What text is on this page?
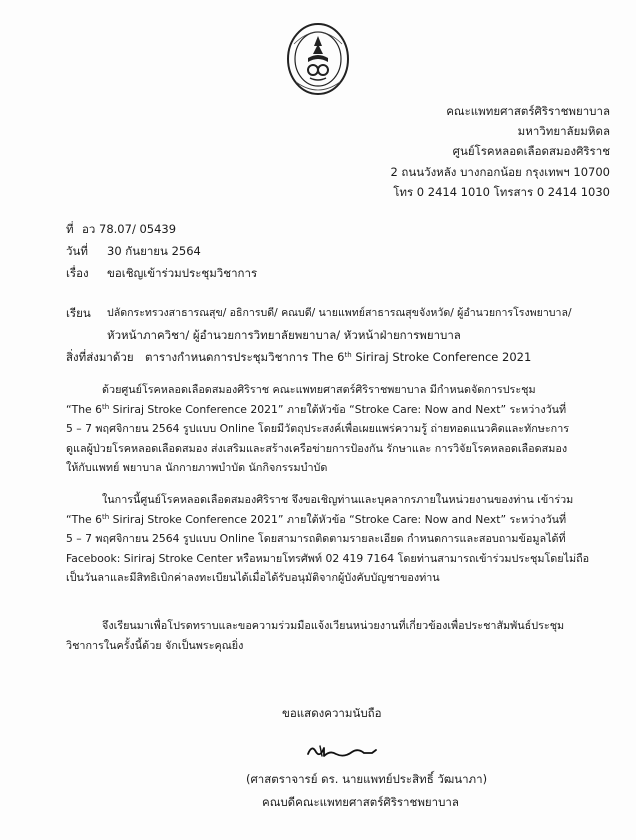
คณะแพทยศาสตร์ศิริราชพยาบาล
มหาวิทยาลัยมหิดล
ศูนย์โรคหลอดเลือดสมองศิริราช
2 ถนนวังหลัง บางกอกน้อย กรุงเทพฯ 10700
โทร 0 2414 1010 โทรสาร 0 2414 1030
ที่ อว 78.07/ 05439
วันที่ 30 กันยายน 2564
เรื่อง ขอเชิญเข้าร่วมประชุมวิชาการ
เรียน ปลัดกระทรวงสาธารณสุข/ อธิการบดี/ คณบดี/ นายแพทย์สาธารณสุขจังหวัด/ ผู้อำนวยการโรงพยาบาล/
หัวหน้าภาควิชา/ ผู้อำนวยการวิทยาลัยพยาบาล/ หัวหน้าฝ่ายการพยาบาล
สิ่งที่ส่งมาด้วย ตารางกำหนดการประชุมวิชาการ The 6th Siriraj Stroke Conference 2021
ด้วยศูนย์โรคหลอดเลือดสมองศิริราช คณะแพทยศาสตร์ศิริราชพยาบาล มีกำหนดจัดการประชุม
“The 6th Siriraj Stroke Conference 2021” ภายใต้หัวข้อ “Stroke Care: Now and Next” ระหว่างวันที่
5 – 7 พฤศจิกายน 2564 รูปแบบ Online โดยมีวัตถุประสงค์เพื่อเผยแพร่ความรู้ ถ่ายทอดแนวคิดและทักษะการ
ดูแลผู้ป่วยโรคหลอดเลือดสมอง ส่งเสริมและสร้างเครือข่ายการป้องกัน รักษาและ การวิจัยโรคหลอดเลือดสมอง
ให้กับแพทย์ พยาบาล นักกายภาพบำบัด นักกิจกรรมบำบัด
ในการนี้ศูนย์โรคหลอดเลือดสมองศิริราช จึงขอเชิญท่านและบุคลากรภายในหน่วยงานของท่าน เข้าร่วม
“The 6th Siriraj Stroke Conference 2021” ภายใต้หัวข้อ “Stroke Care: Now and Next” ระหว่างวันที่
5 – 7 พฤศจิกายน 2564 รูปแบบ Online โดยสามารถติดตามรายละเอียด กำหนดการและสอบถามข้อมูลได้ที่
Facebook: Siriraj Stroke Center หรือหมายโทรศัพท์ 02 419 7164 โดยท่านสามารถเข้าร่วมประชุมโดยไม่ถือ
เป็นวันลาและมีสิทธิเบิกค่าลงทะเบียนได้เมื่อได้รับอนุมัติจากผู้บังคับบัญชาของท่าน
จึงเรียนมาเพื่อโปรดทราบและขอความร่วมมือแจ้งเวียนหน่วยงานที่เกี่ยวข้องเพื่อประชาสัมพันธ์ประชุม
วิชาการในครั้งนี้ด้วย จักเป็นพระคุณยิ่ง
ขอแสดงความนับถือ
(ศาสตราจารย์ ดร. นายแพทย์ประสิทธิ์ วัฒนาภา)
คณบดีคณะแพทยศาสตร์ศิริราชพยาบาล
